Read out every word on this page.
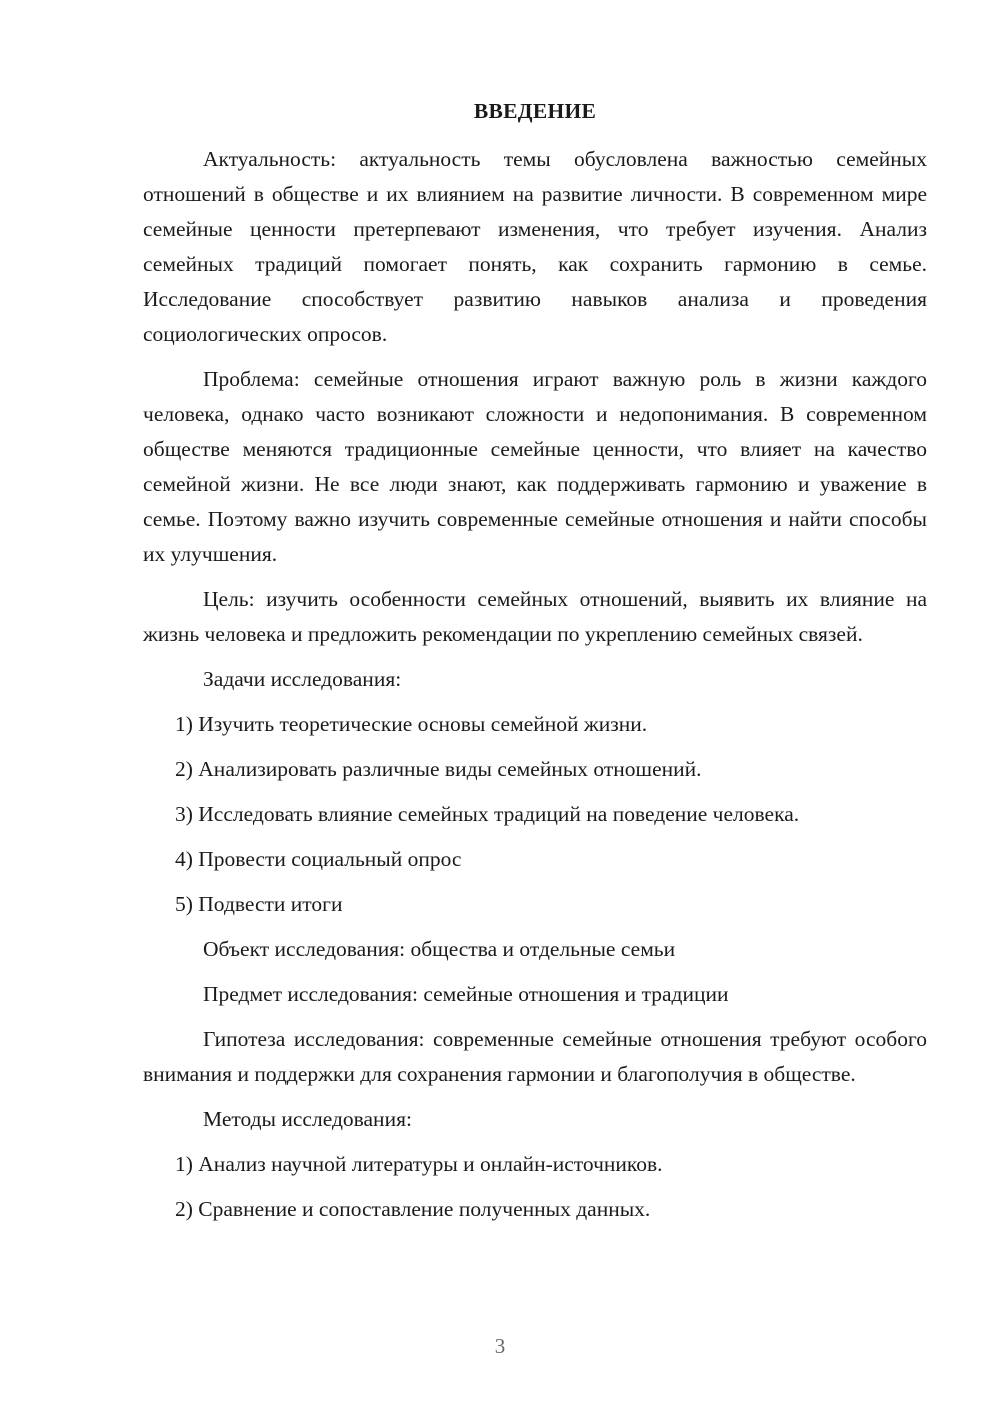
ВВЕДЕНИЕ

Актуальность: актуальность темы обусловлена важностью семейных отношений в обществе и их влиянием на развитие личности. В современном мире семейные ценности претерпевают изменения, что требует изучения. Анализ семейных традиций помогает понять, как сохранить гармонию в семье. Исследование способствует развитию навыков анализа и проведения социологических опросов.

Проблема: семейные отношения играют важную роль в жизни каждого человека, однако часто возникают сложности и недопонимания. В современном обществе меняются традиционные семейные ценности, что влияет на качество семейной жизни. Не все люди знают, как поддерживать гармонию и уважение в семье. Поэтому важно изучить современные семейные отношения и найти способы их улучшения.

Цель: изучить особенности семейных отношений, выявить их влияние на жизнь человека и предложить рекомендации по укреплению семейных связей.

Задачи исследования:
1) Изучить теоретические основы семейной жизни.
2) Анализировать различные виды семейных отношений.
3) Исследовать влияние семейных традиций на поведение человека.
4) Провести социальный опрос
5) Подвести итоги
Объект исследования: общества и отдельные семьи
Предмет исследования: семейные отношения и традиции

Гипотеза исследования: современные семейные отношения требуют особого внимания и поддержки для сохранения гармонии и благополучия в обществе.

Методы исследования:
1) Анализ научной литературы и онлайн-источников.
2) Сравнение и сопоставление полученных данных.
3
